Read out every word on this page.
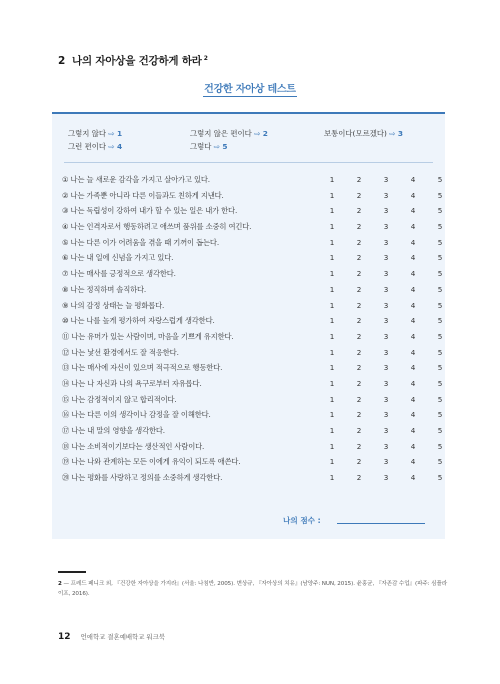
2 나의 자아상을 건강하게 하라 $^2$
건강한 자아상 테스트
그렇지 않다 ⇨ 1	그렇지 않은 편이다 ⇨ 2	보통이다(모르겠다) ⇨ 3
그런 편이다 ⇨ 4	그렇다 ⇨ 5
① 나는 늘 새로운 감각을 가지고 살아가고 있다.	1	2	3	4	5
② 나는 가족뿐 아니라 다른 이들과도 친하게 지낸다.	1	2	3	4	5
③ 나는 독립성이 강하여 내가 할 수 있는 일은 내가 한다.	1	2	3	4	5
④ 나는 인격자로서 행동하려고 애쓰며 품위를 소중히 여긴다.	1	2	3	4	5
⑤ 나는 다른 이가 어려움을 겪을 때 기꺼이 돕는다.	1	2	3	4	5
⑥ 나는 내 일에 신념을 가지고 있다.	1	2	3	4	5
⑦ 나는 매사를 긍정적으로 생각한다.	1	2	3	4	5
⑧ 나는 정직하며 솔직하다.	1	2	3	4	5
⑨ 나의 감정 상태는 늘 평화롭다.	1	2	3	4	5
⑩ 나는 나를 높게 평가하여 자랑스럽게 생각한다.	1	2	3	4	5
⑪ 나는 유머가 있는 사람이며, 마음을 기쁘게 유지한다.	1	2	3	4	5
⑫ 나는 낯선 환경에서도 잘 적응한다.	1	2	3	4	5
⑬ 나는 매사에 자신이 있으며 적극적으로 행동한다.	1	2	3	4	5
⑭ 나는 나 자신과 나의 욕구로부터 자유롭다.	1	2	3	4	5
⑮ 나는 감정적이지 않고 합리적이다.	1	2	3	4	5
⑯ 나는 다른 이의 생각이나 감정을 잘 이해한다.	1	2	3	4	5
⑰ 나는 내 말의 영향을 생각한다.	1	2	3	4	5
⑱ 나는 소비적이기보다는 생산적인 사람이다.	1	2	3	4	5
⑲ 나는 나와 관계하는 모든 이에게 유익이 되도록 애쓴다.	1	2	3	4	5
⑳ 나는 평화를 사랑하고 정의를 소중하게 생각한다.	1	2	3	4	5
나의 점수 :
2 — 프레드 페니크 외, 『건강한 자아상을 가지라』(서울: 나침반, 2005). 변상규, 『자아상의 치유』(남양주: NUN, 2015). 윤홍균, 『자존감 수업』(파주: 심플라이프, 2016).
12 언애학교 결혼예배학교 워크북
